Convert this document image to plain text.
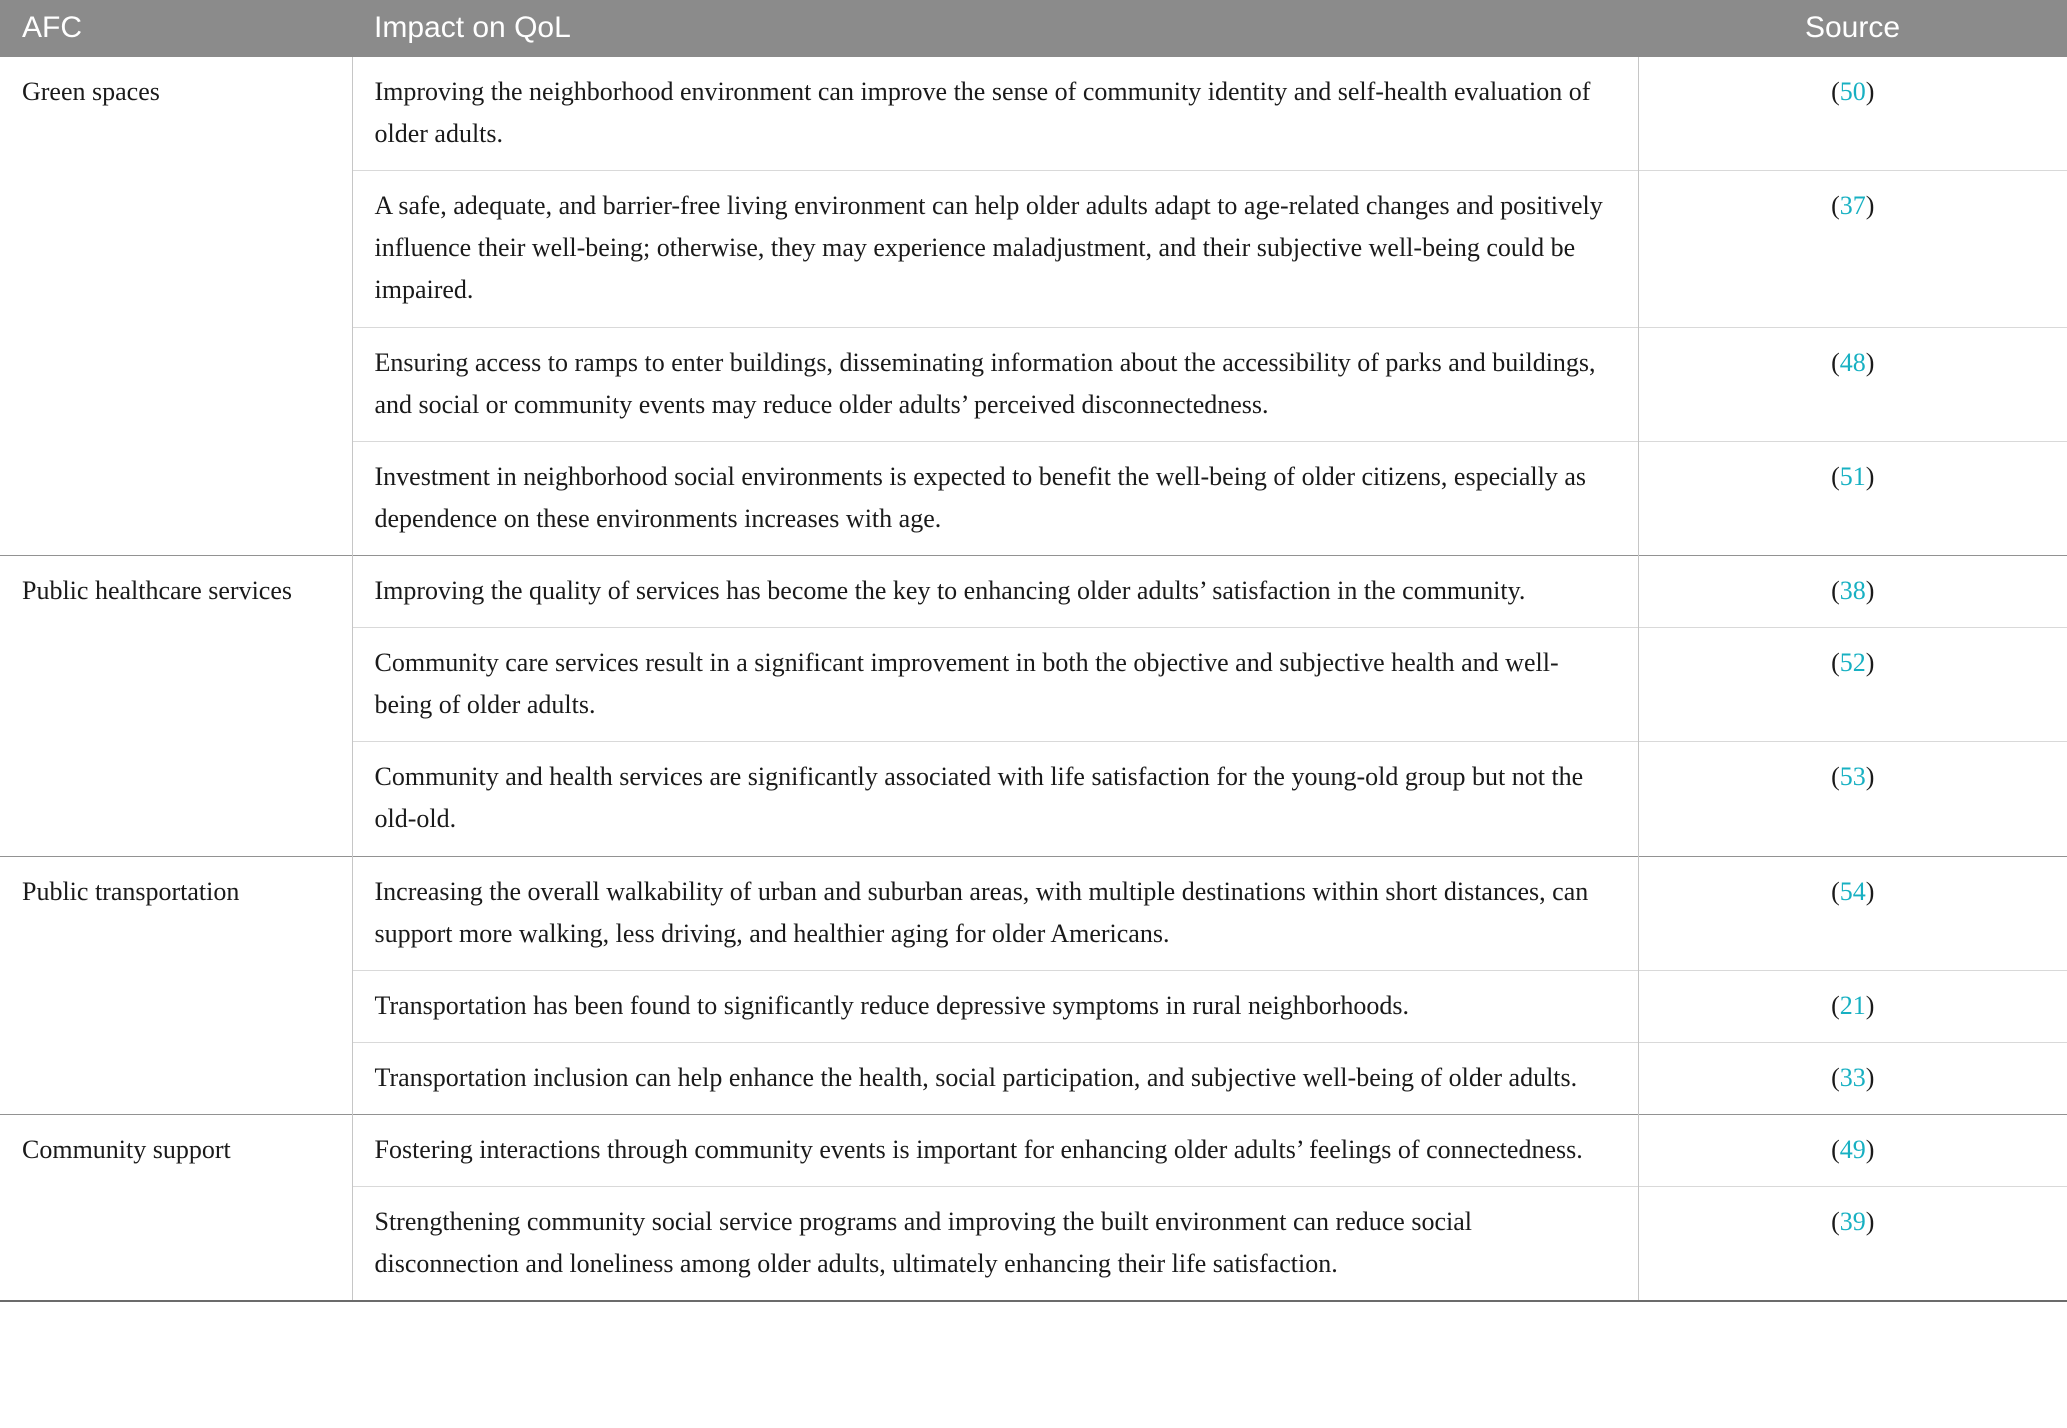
AFC	Impact on QoL	Source
Green spaces	Improving the neighborhood environment can improve the sense of community identity and self-health evaluation of older adults.	(50)
	A safe, adequate, and barrier-free living environment can help older adults adapt to age-related changes and positively influence their well-being; otherwise, they may experience maladjustment, and their subjective well-being could be impaired.	(37)
	Ensuring access to ramps to enter buildings, disseminating information about the accessibility of parks and buildings, and social or community events may reduce older adults’ perceived disconnectedness.	(48)
	Investment in neighborhood social environments is expected to benefit the well-being of older citizens, especially as dependence on these environments increases with age.	(51)
Public healthcare services	Improving the quality of services has become the key to enhancing older adults’ satisfaction in the community.	(38)
	Community care services result in a significant improvement in both the objective and subjective health and well-being of older adults.	(52)
	Community and health services are significantly associated with life satisfaction for the young-old group but not the old-old.	(53)
Public transportation	Increasing the overall walkability of urban and suburban areas, with multiple destinations within short distances, can support more walking, less driving, and healthier aging for older Americans.	(54)
	Transportation has been found to significantly reduce depressive symptoms in rural neighborhoods.	(21)
	Transportation inclusion can help enhance the health, social participation, and subjective well-being of older adults.	(33)
Community support	Fostering interactions through community events is important for enhancing older adults’ feelings of connectedness.	(49)
	Strengthening community social service programs and improving the built environment can reduce social disconnection and loneliness among older adults, ultimately enhancing their life satisfaction.	(39)
